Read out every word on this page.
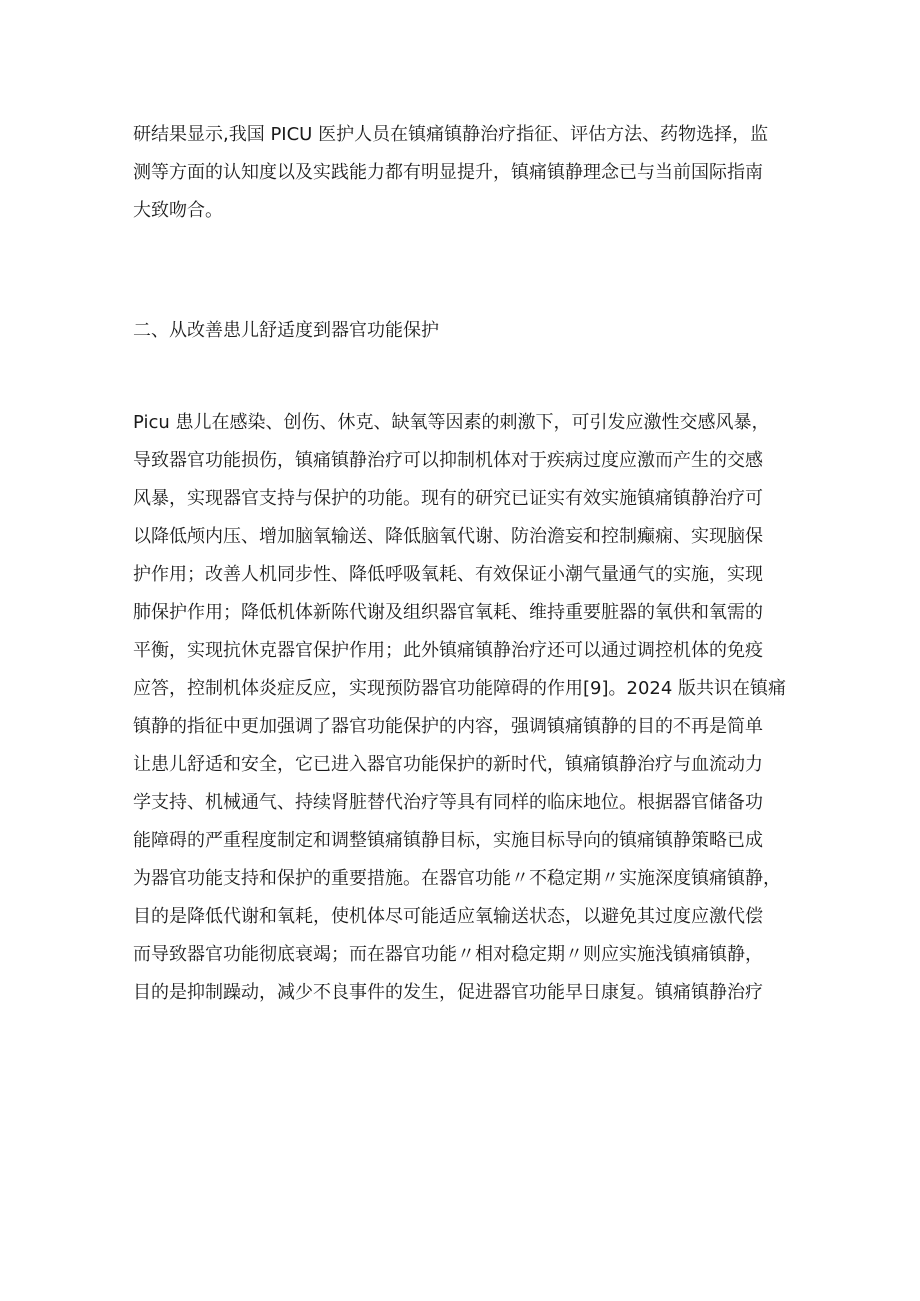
研结果显示,我国 PICU 医护人员在镇痛镇静治疗指征、评估方法、药物选择，监
测等方面的认知度以及实践能力都有明显提升，镇痛镇静理念已与当前国际指南
大致吻合。
二、从改善患儿舒适度到器官功能保护
Picu 患儿在感染、创伤、休克、缺氧等因素的刺激下，可引发应激性交感风暴，
导致器官功能损伤，镇痛镇静治疗可以抑制机体对于疾病过度应激而产生的交感
风暴，实现器官支持与保护的功能。现有的研究已证实有效实施镇痛镇静治疗可
以降低颅内压、增加脑氧输送、降低脑氧代谢、防治澹妄和控制癫痫、实现脑保
护作用；改善人机同步性、降低呼吸氧耗、有效保证小潮气量通气的实施，实现
肺保护作用；降低机体新陈代谢及组织器官氧耗、维持重要脏器的氧供和氧需的
平衡，实现抗休克器官保护作用；此外镇痛镇静治疗还可以通过调控机体的免疫
应答，控制机体炎症反应，实现预防器官功能障碍的作用[9]。2024 版共识在镇痛
镇静的指征中更加强调了器官功能保护的内容，强调镇痛镇静的目的不再是简单
让患儿舒适和安全，它已进入器官功能保护的新时代，镇痛镇静治疗与血流动力
学支持、机械通气、持续肾脏替代治疗等具有同样的临床地位。根据器官储备功
能障碍的严重程度制定和调整镇痛镇静目标，实施目标导向的镇痛镇静策略已成
为器官功能支持和保护的重要措施。在器官功能〃不稳定期〃实施深度镇痛镇静，
目的是降低代谢和氧耗，使机体尽可能适应氧输送状态，以避免其过度应激代偿
而导致器官功能彻底衰竭；而在器官功能〃相对稳定期〃则应实施浅镇痛镇静，
目的是抑制躁动，减少不良事件的发生，促进器官功能早日康复。镇痛镇静治疗
